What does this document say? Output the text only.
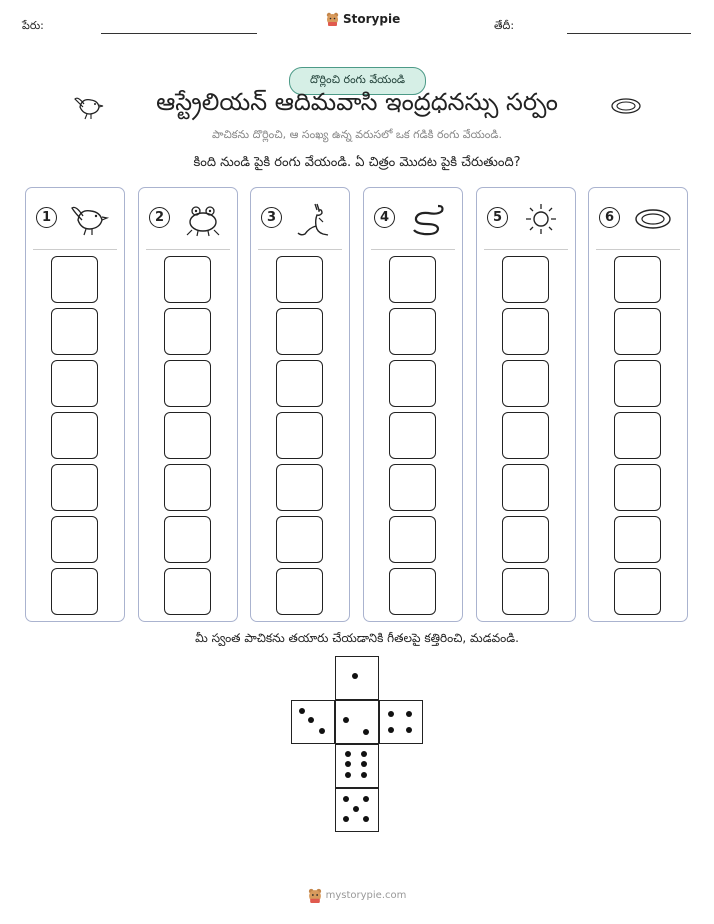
పేరు:	Storypie	తేదీ:
దొర్లించి రంగు వేయండి
ఆస్ట్రేలియన్ ఆదిమవాసి ఇంద్రధనస్సు సర్పం
పాచికను దొర్లించి, ఆ సంఖ్య ఉన్న వరుసలో ఒక గడికి రంగు వేయండి.
కింది నుండి పైకి రంగు వేయండి. ఏ చిత్రం మొదట పైకి చేరుతుంది?
1	2	3	4	5	6
మీ స్వంత పాచికను తయారు చేయడానికి గీతలపై కత్తిరించి, మడవండి.
mystorypie.com
